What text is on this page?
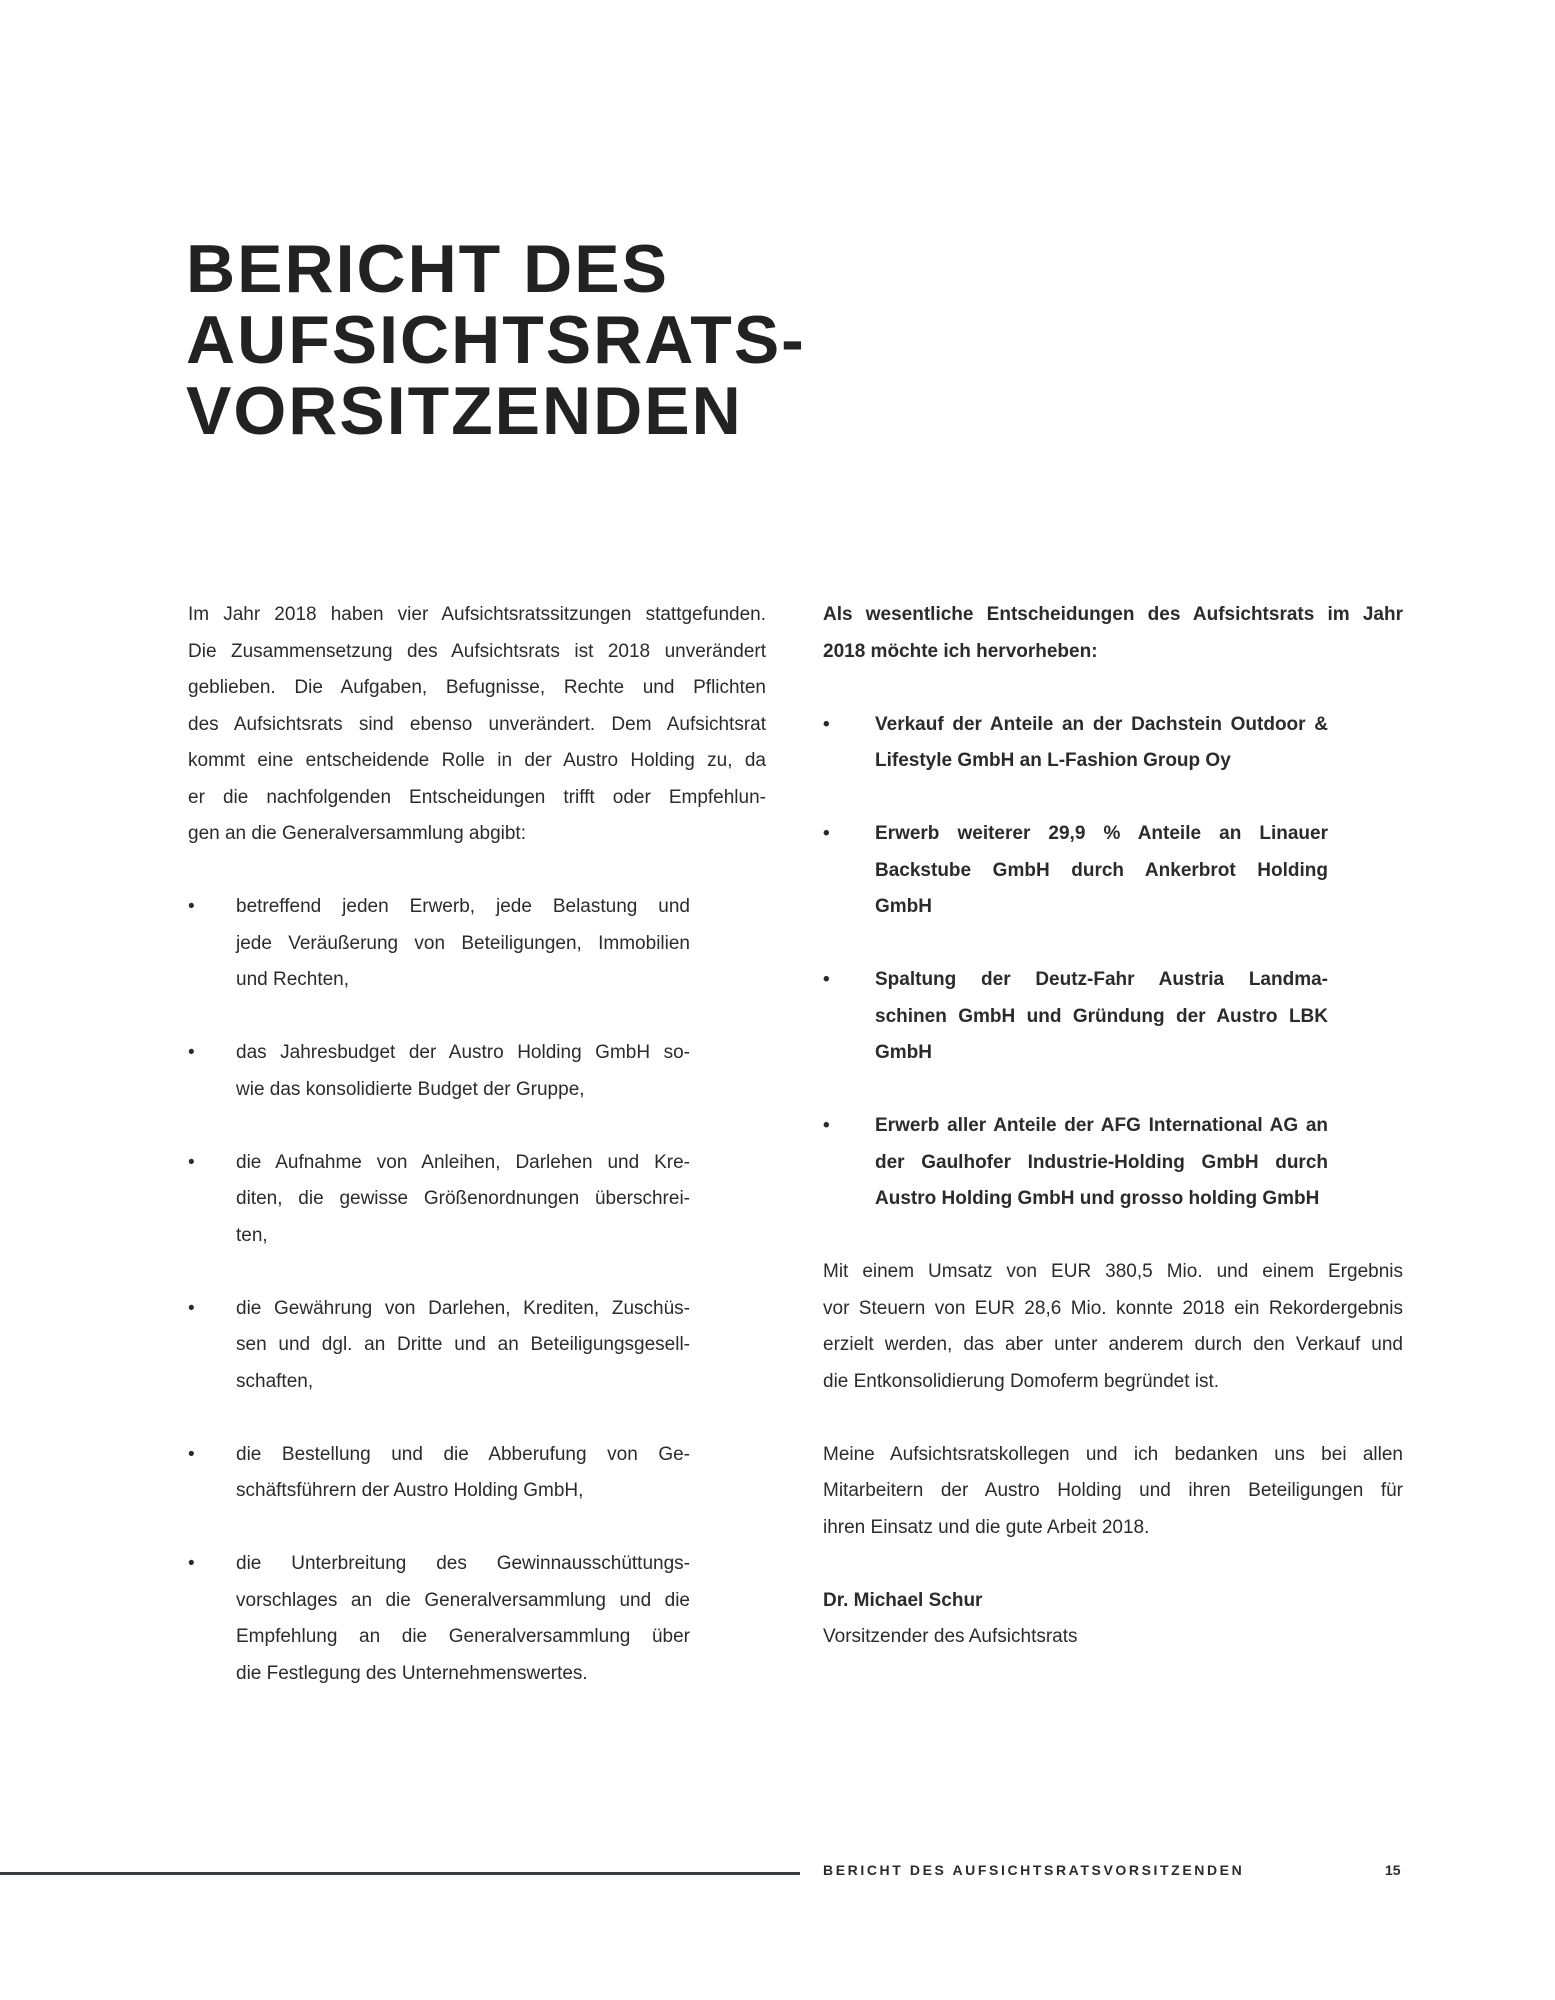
BERICHT DES
AUFSICHTSRATS-
VORSITZENDEN
Im Jahr 2018 haben vier Aufsichtsratssitzungen stattgefunden.
Die Zusammensetzung des Aufsichtsrats ist 2018 unverändert
geblieben. Die Aufgaben, Befugnisse, Rechte und Pflichten
des Aufsichtsrats sind ebenso unverändert. Dem Aufsichtsrat
kommt eine entscheidende Rolle in der Austro Holding zu, da
er die nachfolgenden Entscheidungen trifft oder Empfehlun-
gen an die Generalversammlung abgibt:
• betreffend jeden Erwerb, jede Belastung und
jede Veräußerung von Beteiligungen, Immobilien
und Rechten,
• das Jahresbudget der Austro Holding GmbH so-
wie das konsolidierte Budget der Gruppe,
• die Aufnahme von Anleihen, Darlehen und Kre-
diten, die gewisse Größenordnungen überschrei-
ten,
• die Gewährung von Darlehen, Krediten, Zuschüs-
sen und dgl. an Dritte und an Beteiligungsgesell-
schaften,
• die Bestellung und die Abberufung von Ge-
schäftsführern der Austro Holding GmbH,
• die Unterbreitung des Gewinnausschüttungs-
vorschlages an die Generalversammlung und die
Empfehlung an die Generalversammlung über
die Festlegung des Unternehmenswertes.
Als wesentliche Entscheidungen des Aufsichtsrats im Jahr
2018 möchte ich hervorheben:
• Verkauf der Anteile an der Dachstein Outdoor &
Lifestyle GmbH an L-Fashion Group Oy
• Erwerb weiterer 29,9 % Anteile an Linauer
Backstube GmbH durch Ankerbrot Holding
GmbH
• Spaltung der Deutz-Fahr Austria Landma-
schinen GmbH und Gründung der Austro LBK
GmbH
• Erwerb aller Anteile der AFG International AG an
der Gaulhofer Industrie-Holding GmbH durch
Austro Holding GmbH und grosso holding GmbH
Mit einem Umsatz von EUR 380,5 Mio. und einem Ergebnis
vor Steuern von EUR 28,6 Mio. konnte 2018 ein Rekordergebnis
erzielt werden, das aber unter anderem durch den Verkauf und
die Entkonsolidierung Domoferm begründet ist.
Meine Aufsichtsratskollegen und ich bedanken uns bei allen
Mitarbeitern der Austro Holding und ihren Beteiligungen für
ihren Einsatz und die gute Arbeit 2018.
Dr. Michael Schur
Vorsitzender des Aufsichtsrats
BERICHT DES AUFSICHTSRATSVORSITZENDEN	15
